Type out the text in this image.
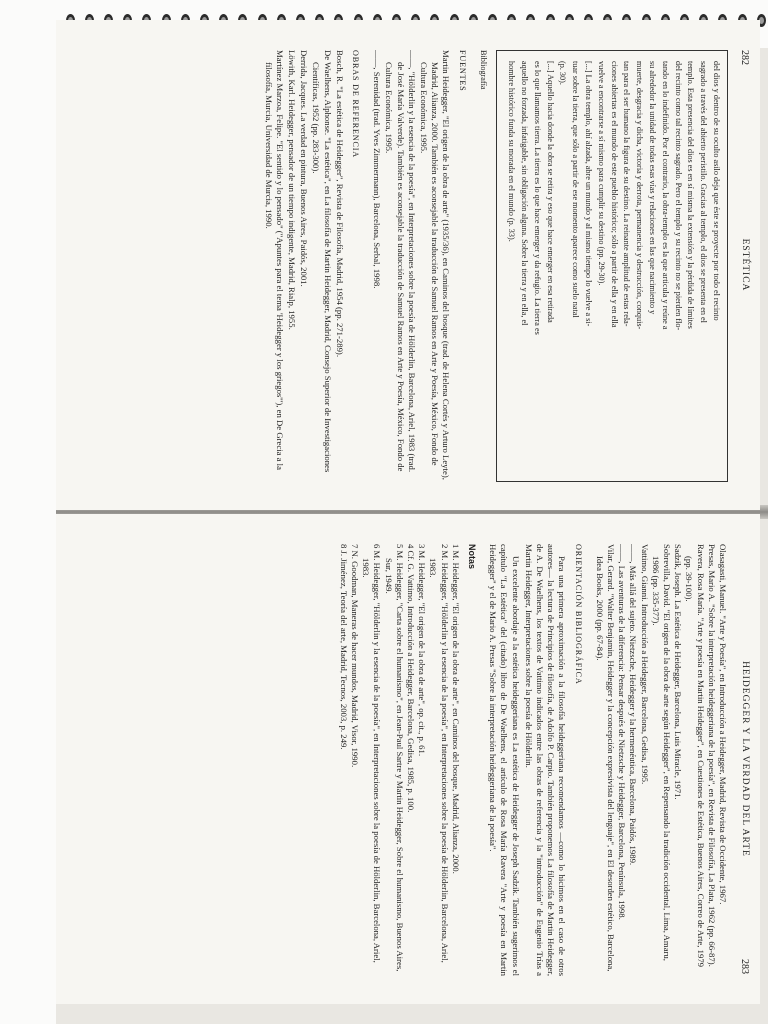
282
ESTÉTICA

del dios y dentro de su oculto asilo deja que éste se proyecte por todo el recinto

sagrado a través del abierto peristilo. Gracias al templo, el dios se presenta en el

templo. Esta presencia del dios es en sí misma la extensión y la pérdida de límites

del recinto como tal recinto sagrado. Pero el templo y su recinto no se pierden flo-

tando en lo indefinido. Por el contrario, la obra-templo es la que articula y reúne a

su alrededor la unidad de todas esas vías y relaciones en las que nacimiento y

muerte, desgracia y dicha, victoria y derrota, permanencia y destrucción, conquis-

tan para el ser humano la figura de su destino. La reinante amplitud de estas rela-

ciones abiertas es el mundo de este pueblo histórico; sólo a partir de ella y en ella

vuelve a encontrarse a sí mismo para cumplir su destino (pp. 29-30).

[...] La obra templo, ahí alzada, abre un mundo y al mismo tiempo lo vuelve a si-

tuar sobre la tierra, que sólo a partir de ese momento aparece como suelo natal

(p. 30).

[...] Aquello hacia donde la obra se retira y eso que hace emerger en esa retirada

es lo que llamamos tierra. La tierra es lo que hace emerger y da refugio. La tierra es

aquello no forzada, infatigable, sin obligación alguna. Sobre la tierra y en ella, el

hombre histórico funda su morada en el mundo (p. 33).

Bibliografía
FUENTES

Martin Heidegger, "El origen de la obra de arte" (1935/36), en Caminos del bosque (trad. de Helena Cortés y Arturo Leyte), Madrid, Alianza, 2000. También es aconsejable la traducción de Samuel Ramos en Arte y Poesía, México, Fondo de Cultura Económica, 1995.

——, "Hölderlin y la esencia de la poesía", en Interpretaciones sobre la poesía de Hölderlin, Barcelona, Ariel, 1983 (trad. de José María Valverde). También es aconsejable la traducción de Samuel Ramos en Arte y Poesía, México, Fondo de Cultura Económica, 1995.

——, Serenidad (trad. Yves Zimmermann), Barcelona, Serbal, 1998.

OBRAS DE REFERENCIA

Bosch, R. "La estética de Heidegger", Revista de Filosofía, Madrid, 1954 (pp. 271-289).

De Waelhens, Alphonse. "La estética", en La filosofía de Martin Heidegger, Madrid, Consejo Superior de Investigaciones Científicas, 1952 (pp. 283-300).

Derrida, Jacques. La verdad en pintura, Buenos Aires, Paidós, 2001.

Löwith, Karl. Heidegger, pensador de un tiempo indigente, Madrid, Rialp, 1955.

Martínez Marzoa, Felipe. "El sentido y lo pensado" ("Apuntes para el tema 'Heidegger y los griegos'"), en De Grecia a la filosofía, Murcia, Universidad de Murcia, 1990.

HEIDEGGER Y LA VERDAD DEL ARTE
283

Olasagasti, Manuel. "Arte y Poesía", en Introducción a Heidegger, Madrid, Revista de Occidente, 1967.

Presas, Mario A. "Sobre la interpretación heideggeriana de la poesía", en Revista de Filosofía, La Plata, 1962 (pp. 66-87).

Ravera, Rosa María. "Arte y poesía en Martin Heidegger", en Cuestiones de Estética, Buenos Aires, Correo de Arte, 1979 (pp. 39-100).

Sadzik, Joseph. La Estética de Heidegger, Barcelona, Luis Miracle, 1971.

Sobrevilla, David. "El origen de la obra de arte según Heidegger", en Repensando la tradición occidental, Lima, Amaru, 1986 (pp. 335-377).

Vattimo, Gianni. Introducción a Heidegger, Barcelona, Gedisa, 1995.

——, Más allá del sujeto. Nietzsche, Heidegger y la hermenéutica, Barcelona, Paidós, 1989.

——, Las aventuras de la diferencia: Pensar después de Nietzsche y Heidegger, Barcelona, Península, 1998.

Vilar, Gerard. "Walter Benjamin, Heidegger y la concepción expresivista del lenguaje", en El desorden estético, Barcelona, Idea Books, 2000 (pp. 67-84).

ORIENTACIÓN BIBLIOGRÁFICA

Para una primera aproximación a la filosofía heideggeriana recomendamos —como lo hicimos en el caso de otros autores— la lectura de Principios de filosofía, de Adolfo P. Carpio. También proponemos La filosofía de Martin Heidegger, de A. De Waelhens, los textos de Vattimo indicados entre las obras de referencia y la "introducción" de Eugenio Trías a Martin Heidegger, Interpretaciones sobre la poesía de Hölderlin.

Un excelente abordaje a la estética heideggeriana es La estética de Heidegger de Joseph Sadzik. También sugerimos el capítulo "La Estética" del (citado) libro de De Waelhens, el artículo de Rosa María Ravera "Arte y poesía en Martin Heidegger" y el de Mario A. Presas "Sobre la interpretación heideggeriana de la poesía".

Notas

1 M. Heidegger, "El origen de la obra de arte", en Caminos del bosque, Madrid, Alianza, 2000.

2 M. Heidegger, "Hölderlin y la esencia de la poesía", en Interpretaciones sobre la poesía de Hölderlin, Barcelona, Ariel, 1983.

3 M. Heidegger, "El origen de la obra de arte", op. cit., p. 61.

4 Cf. G. Vattimo, Introducción a Heidegger, Barcelona, Gedisa, 1985, p. 100.

5 M. Heidegger, "Carta sobre el humanismo", en Jean-Paul Sartre y Martin Heidegger, Sobre el humanismo, Buenos Aires, Sur, 1949.

6 M. Heidegger, "Hölderlin y la esencia de la poesía", en Interpretaciones sobre la poesía de Hölderlin, Barcelona, Ariel, 1983.

7 N. Goodman, Maneras de hacer mundos, Madrid, Visor, 1990.

8 J. Jiménez, Teoría del arte, Madrid, Tecnos, 2003, p. 249.
